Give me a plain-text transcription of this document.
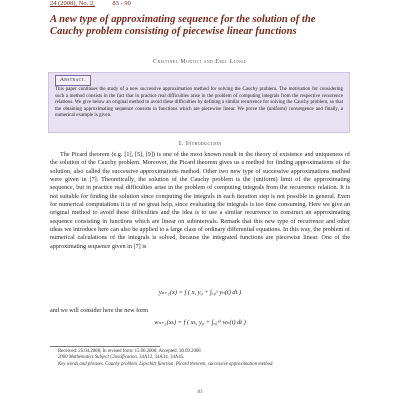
24 (2008), No. 2,	83 - 90
A new type of approximating sequence for the solution of the Cauchy problem consisting of piecewise linear functions
Cristinel Mortici and Emil Lungu
Abstract.
This paper continues the study of a new successive approximation method for solving the Cauchy problem. The motivation for considering such a method consists in the fact that in practice real difficulties arise in the problem of computing integrals from the respective recurrence relations. We give below an original method to avoid these difficulties by defining a similar recurrence for solving the Cauchy problem, so that the obtaining approximating sequence consists in functions which are piecewise linear. We prove the (uniform) convergence and finally, a numerical example is given.
1. Introduction
The Picard theorem (e.g. [1], [5], [9]) is one of the most known result in the theory of existence and uniqueness of the solution of the Cauchy problem. Moreover, the Picard theorem gives us a method for finding approximations of the solution, also called the successive approximations method. Other two new type of successive approximations method were given in [7]. Theoretically, the solution of the Cauchy problem is the (uniform) limit of the approximating sequence, but in practice real difficulties arise in the problem of computing integrals from the recurrence relation. It is not suitable for finding the solution since computing the integrals in each iteration step is not possible in general. Even for numerical computations it is of no great help, since evaluating the integrals is too time consuming. Here we give an original method to avoid these difficulties and the idea is to use a similar recurrence to construct an approximating sequence consisting in functions which are linear on subintervals. Remark that this new type of recurrence and other ideas we introduce here can also be applied to a large class of ordinary differential equations. In this way, the problem of numerical calculations of the integrals is solved, because the integrated functions are piecewise linear. One of the approximating sequence given in [7] is
yₙ₊₁(x) = f ( x, y₀ + ∫ₓ₀ˣ yₙ(t) dt )
and we will consider here the new form
wₙ₊₁(xₖ) = f ( xₖ, y₀ + ∫ₓ₀ˣᵏ wₙ(t) dt )
Received: 25.04.2008; In revised form: 15.06.2008; Accepted: 30.09.2008
2000 Mathematics Subject Classification. 34A12, 34A34, 34A45.
Key words and phrases. Cauchy problem, Lipschitz function, Picard theorem, successive approximation method.
83
